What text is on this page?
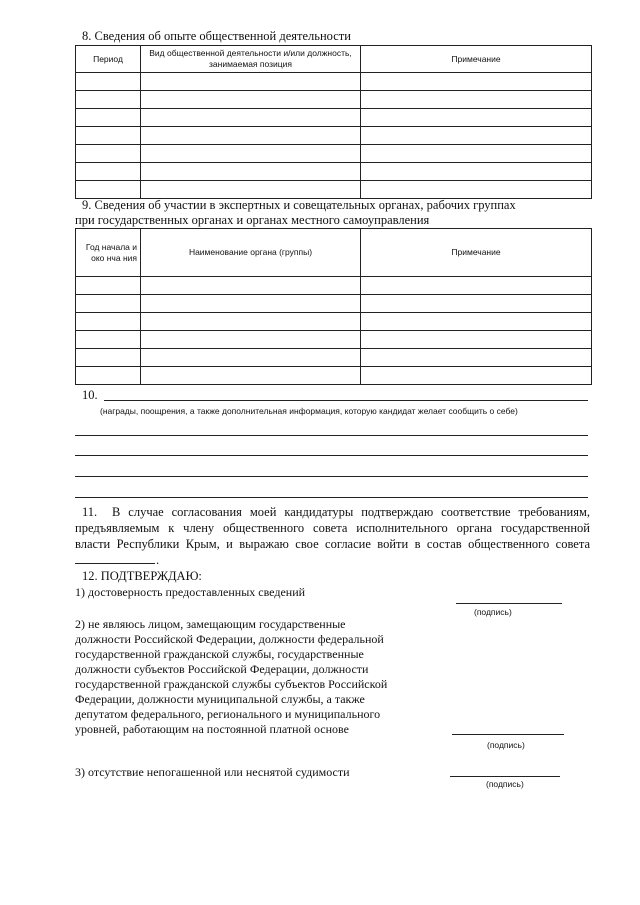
8. Сведения об опыте общественной деятельности
Период	Вид общественной деятельности и/или должность, занимаемая позиция	Примечание

9. Сведения об участии в экспертных и совещательных органах, рабочих группах
при государственных органах и органах местного самоуправления
Год начала и око нча ния	Наименование органа (группы)	Примечание

10.
(награды, поощрения, а также дополнительная информация, которую кандидат желает сообщить о себе)
11. В случае согласования моей кандидатуры подтверждаю соответствие требованиям,
предъявляемым к члену общественного совета исполнительного органа государственной
власти Республики Крым, и выражаю свое согласие войти в состав общественного совета
.
12. ПОДТВЕРЖДАЮ:
1) достоверность предоставленных сведений
(подпись)
2) не являюсь лицом, замещающим государственные
должности Российской Федерации, должности федеральной
государственной гражданской службы, государственные
должности субъектов Российской Федерации, должности
государственной гражданской службы субъектов Российской
Федерации, должности муниципальной службы, а также
депутатом федерального, регионального и муниципального
уровней, работающим на постоянной платной основе
(подпись)
3) отсутствие непогашенной или неснятой судимости
(подпись)
